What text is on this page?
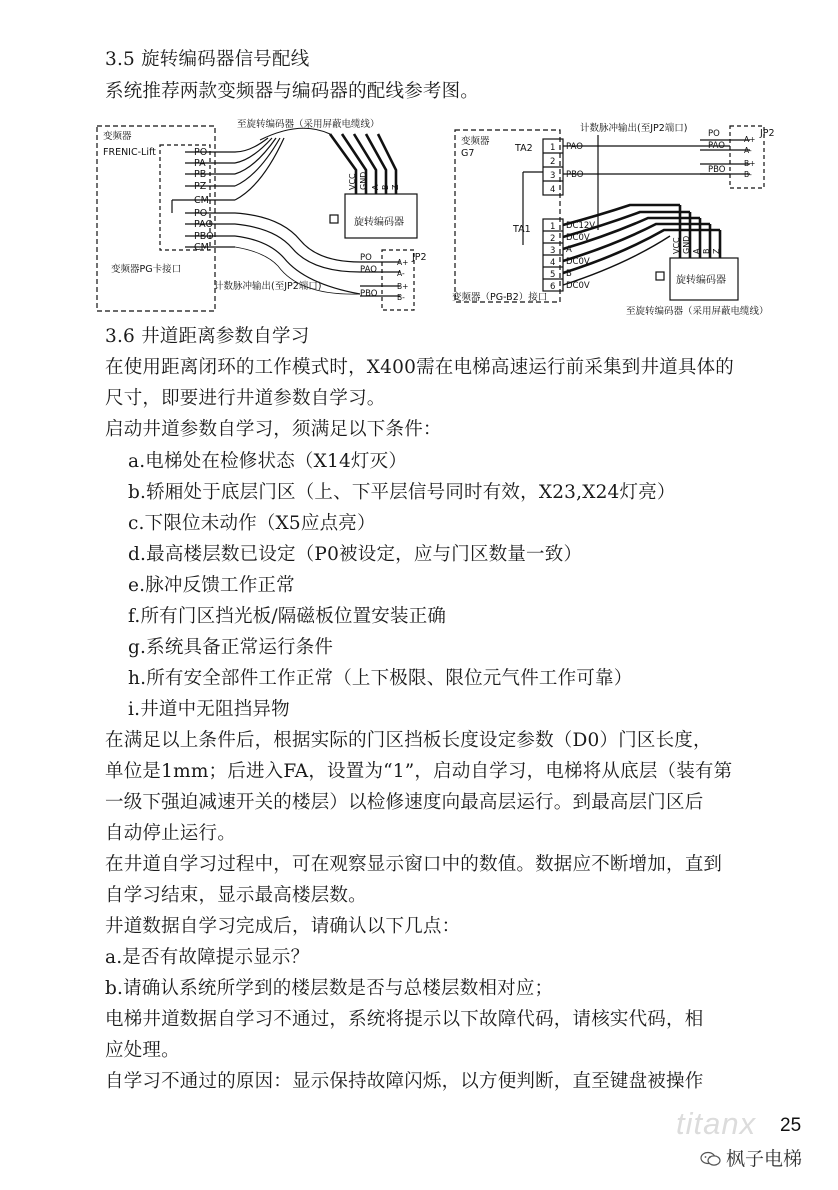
3.5 旋转编码器信号配线
系统推荐两款变频器与编码器的配线参考图。
变频器
FRENIC-Lift
至旋转编码器（采用屏蔽电缆线）
PO
PA
PB
PZ
CM
PO
PAO
PBO
CM
变频器PG卡接口
旋转编码器
JP2
PO
PAO
PBO
A+
A-
B+
B-
计数脉冲输出(至JP2端口)
VCC GND A B Z
变频器
G7	TA2 1
2
3
4
PAO
PBO
TA1 1
2
3
4
5
6
DC12V
DC0V
A
DC0V
B
DC0V
计数脉冲输出(至JP2端口)	JP2
PO
PAO
PBO
A+
A-
B+
B-
旋转编码器
变频器（PG-B2）接口
至旋转编码器（采用屏蔽电缆线）
VCC GND A B Z
3.6 井道距离参数自学习
在使用距离闭环的工作模式时，X400需在电梯高速运行前采集到井道具体的
尺寸，即要进行井道参数自学习。
启动井道参数自学习，须满足以下条件：
a.电梯处在检修状态（X14灯灭）
b.轿厢处于底层门区（上、下平层信号同时有效，X23,X24灯亮）
c.下限位未动作（X5应点亮）
d.最高楼层数已设定（P0被设定，应与门区数量一致）
e.脉冲反馈工作正常
f.所有门区挡光板/隔磁板位置安装正确
g.系统具备正常运行条件
h.所有安全部件工作正常（上下极限、限位元气件工作可靠）
i.井道中无阻挡异物
在满足以上条件后，根据实际的门区挡板长度设定参数（D0）门区长度，
单位是1mm；后进入FA，设置为“1”，启动自学习，电梯将从底层（装有第
一级下强迫减速开关的楼层）以检修速度向最高层运行。到最高层门区后
自动停止运行。
在井道自学习过程中，可在观察显示窗口中的数值。数据应不断增加，直到
自学习结束，显示最高楼层数。
井道数据自学习完成后，请确认以下几点：
a.是否有故障提示显示？
b.请确认系统所学到的楼层数是否与总楼层数相对应；
电梯井道数据自学习不通过，系统将提示以下故障代码，请核实代码，相
应处理。
自学习不通过的原因：显示保持故障闪烁，以方便判断，直至键盘被操作
titanx 25
枫子电梯
